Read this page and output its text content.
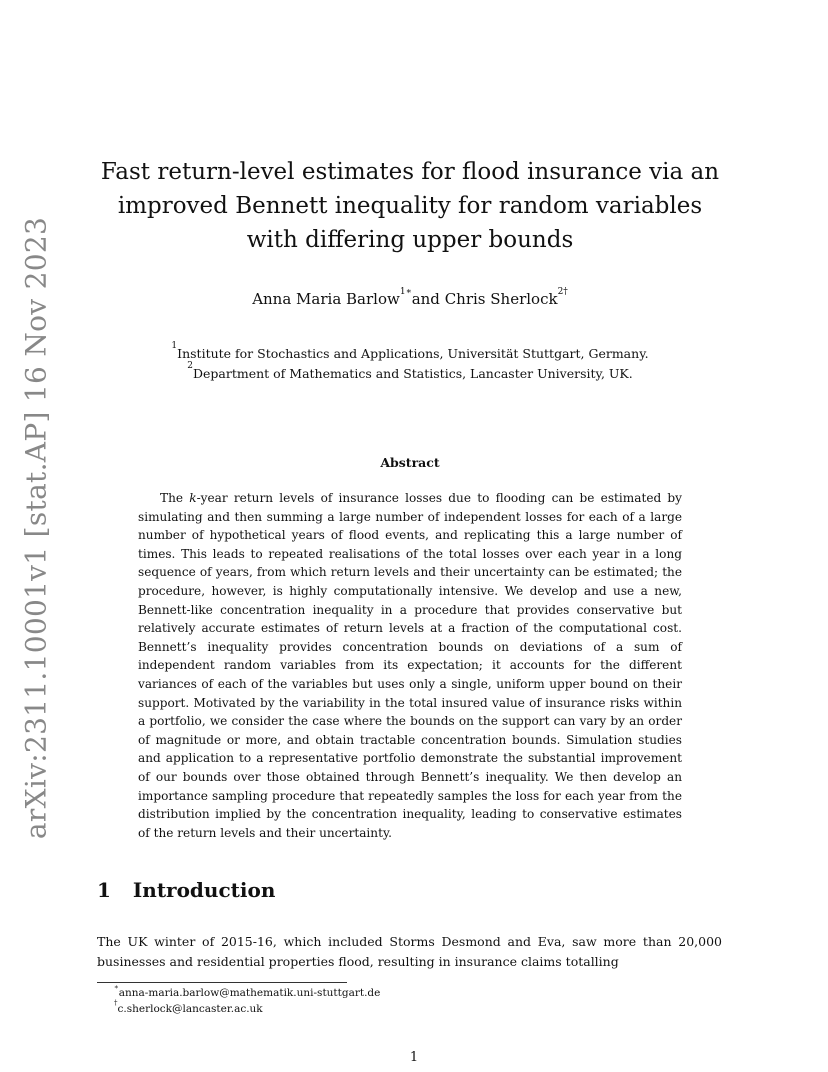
arXiv:2311.10001v1 [stat.AP] 16 Nov 2023
Fast return-level estimates for flood insurance via an improved Bennett inequality for random variables with differing upper bounds
Anna Maria Barlow$^{1∗}$and Chris Sherlock$^{2\dagger}$
$^1$Institute for Stochastics and Applications, Universität Stuttgart, Germany.
$^2$Department of Mathematics and Statistics, Lancaster University, UK.
Abstract

The k-year return levels of insurance losses due to flooding can be estimated by simulating and then summing a large number of independent losses for each of a large number of hypothetical years of flood events, and replicating this a large number of times. This leads to repeated realisations of the total losses over each year in a long sequence of years, from which return levels and their uncertainty can be estimated; the procedure, however, is highly computationally intensive. We develop and use a new, Bennett-like concentration inequality in a procedure that provides conservative but relatively accurate estimates of return levels at a fraction of the computational cost. Bennett’s inequality provides concentration bounds on deviations of a sum of independent random variables from its expectation; it accounts for the different variances of each of the variables but uses only a single, uniform upper bound on their support. Motivated by the variability in the total insured value of insurance risks within a portfolio, we consider the case where the bounds on the support can vary by an order of magnitude or more, and obtain tractable concentration bounds. Simulation studies and application to a representative portfolio demonstrate the substantial improvement of our bounds over those obtained through Bennett’s inequality. We then develop an importance sampling procedure that repeatedly samples the loss for each year from the distribution implied by the concentration inequality, leading to conservative estimates of the return levels and their uncertainty.

1 Introduction

The UK winter of 2015-16, which included Storms Desmond and Eva, saw more than 20,000 businesses and residential properties flood, resulting in insurance claims totalling

∗anna-maria.barlow@mathematik.uni-stuttgart.de
†c.sherlock@lancaster.ac.uk
1
